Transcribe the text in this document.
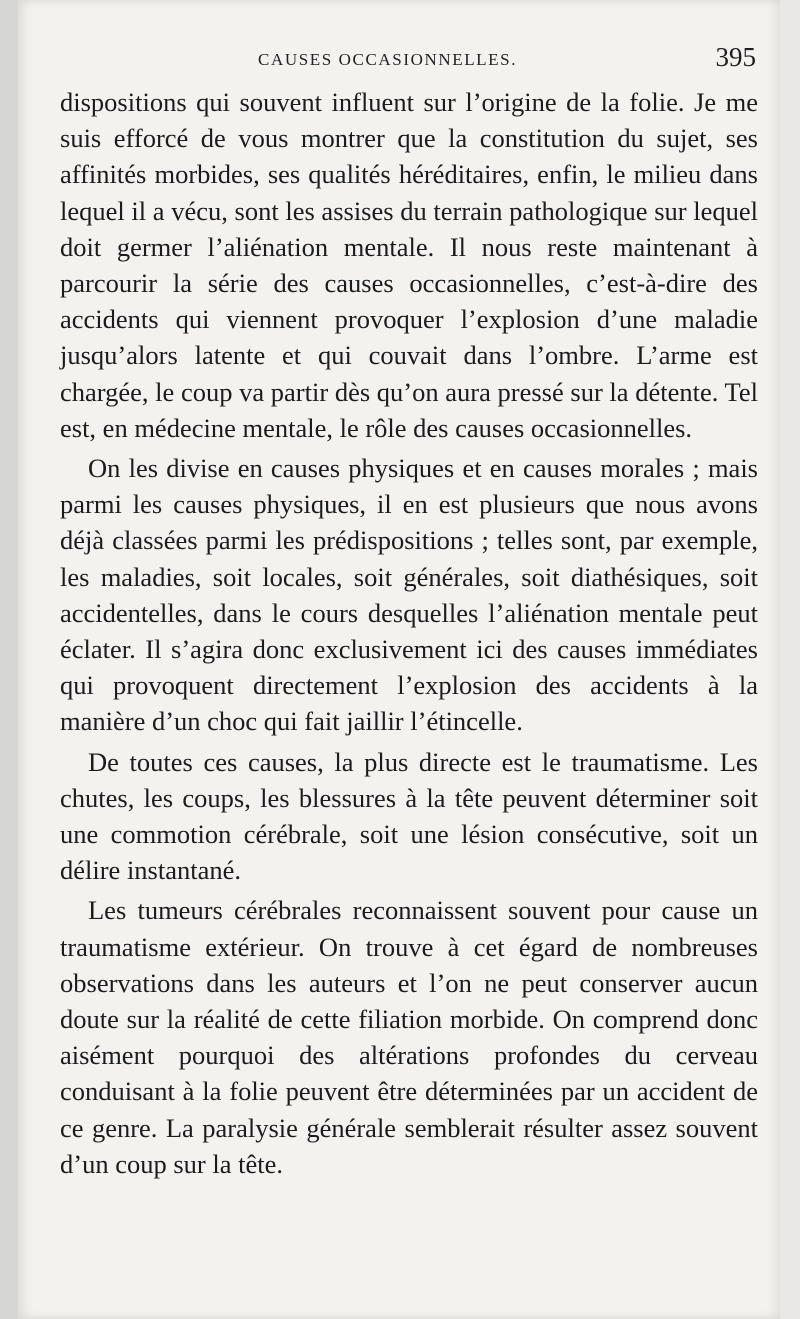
CAUSES OCCASIONNELLES.	395

dispositions qui souvent influent sur l’origine de la folie. Je me suis efforcé de vous montrer que la constitution du sujet, ses affinités morbides, ses qualités héréditaires, enfin, le milieu dans lequel il a vécu, sont les assises du terrain pathologique sur lequel doit germer l’aliénation mentale. Il nous reste maintenant à parcourir la série des causes occasionnelles, c’est-à-dire des accidents qui viennent provoquer l’explosion d’une maladie jusqu’alors latente et qui couvait dans l’ombre. L’arme est chargée, le coup va partir dès qu’on aura pressé sur la détente. Tel est, en médecine mentale, le rôle des causes occasionnelles.

On les divise en causes physiques et en causes morales ; mais parmi les causes physiques, il en est plusieurs que nous avons déjà classées parmi les prédispositions ; telles sont, par exemple, les maladies, soit locales, soit générales, soit diathésiques, soit accidentelles, dans le cours desquelles l’aliénation mentale peut éclater. Il s’agira donc exclusivement ici des causes immédiates qui provoquent directement l’explosion des accidents à la manière d’un choc qui fait jaillir l’étincelle.

De toutes ces causes, la plus directe est le traumatisme. Les chutes, les coups, les blessures à la tête peuvent déterminer soit une commotion cérébrale, soit une lésion consécutive, soit un délire instantané.

Les tumeurs cérébrales reconnaissent souvent pour cause un traumatisme extérieur. On trouve à cet égard de nombreuses observations dans les auteurs et l’on ne peut conserver aucun doute sur la réalité de cette filiation morbide. On comprend donc aisément pourquoi des altérations profondes du cerveau conduisant à la folie peuvent être déterminées par un accident de ce genre. La paralysie générale semblerait résulter assez souvent d’un coup sur la tête.
